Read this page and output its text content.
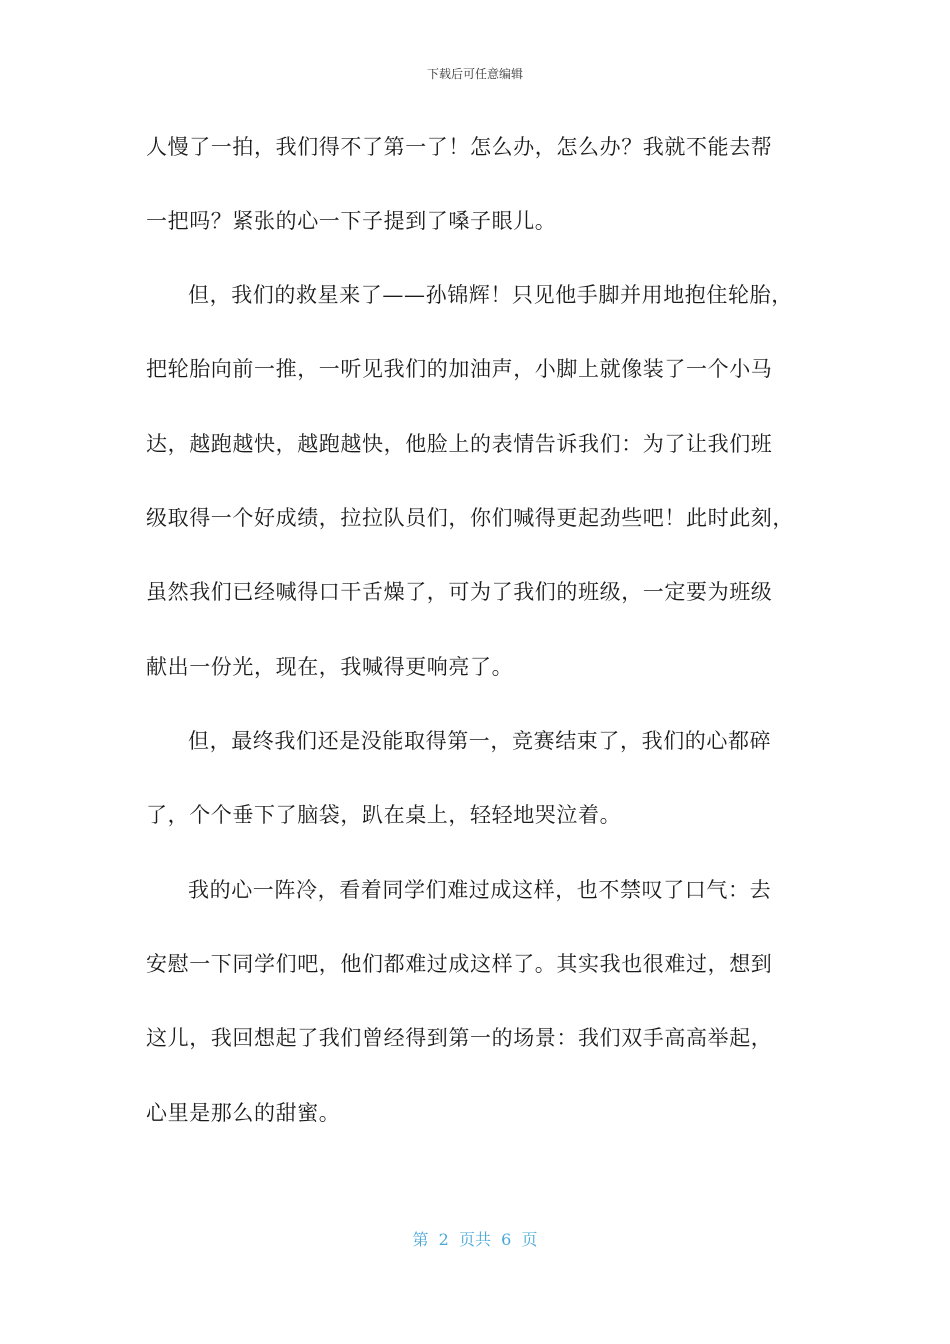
下载后可任意编辑
人慢了一拍，我们得不了第一了！怎么办，怎么办？我就不能去帮
一把吗？紧张的心一下子提到了嗓子眼儿。
但，我们的救星来了——孙锦辉！只见他手脚并用地抱住轮胎，
把轮胎向前一推，一听见我们的加油声，小脚上就像装了一个小马
达，越跑越快，越跑越快，他脸上的表情告诉我们：为了让我们班
级取得一个好成绩，拉拉队员们，你们喊得更起劲些吧！此时此刻，
虽然我们已经喊得口干舌燥了，可为了我们的班级，一定要为班级
献出一份光，现在，我喊得更响亮了。
但，最终我们还是没能取得第一，竞赛结束了，我们的心都碎
了，个个垂下了脑袋，趴在桌上，轻轻地哭泣着。
我的心一阵冷，看着同学们难过成这样，也不禁叹了口气：去
安慰一下同学们吧，他们都难过成这样了。其实我也很难过，想到
这儿，我回想起了我们曾经得到第一的场景：我们双手高高举起，
心里是那么的甜蜜。
第  2  页共  6  页
